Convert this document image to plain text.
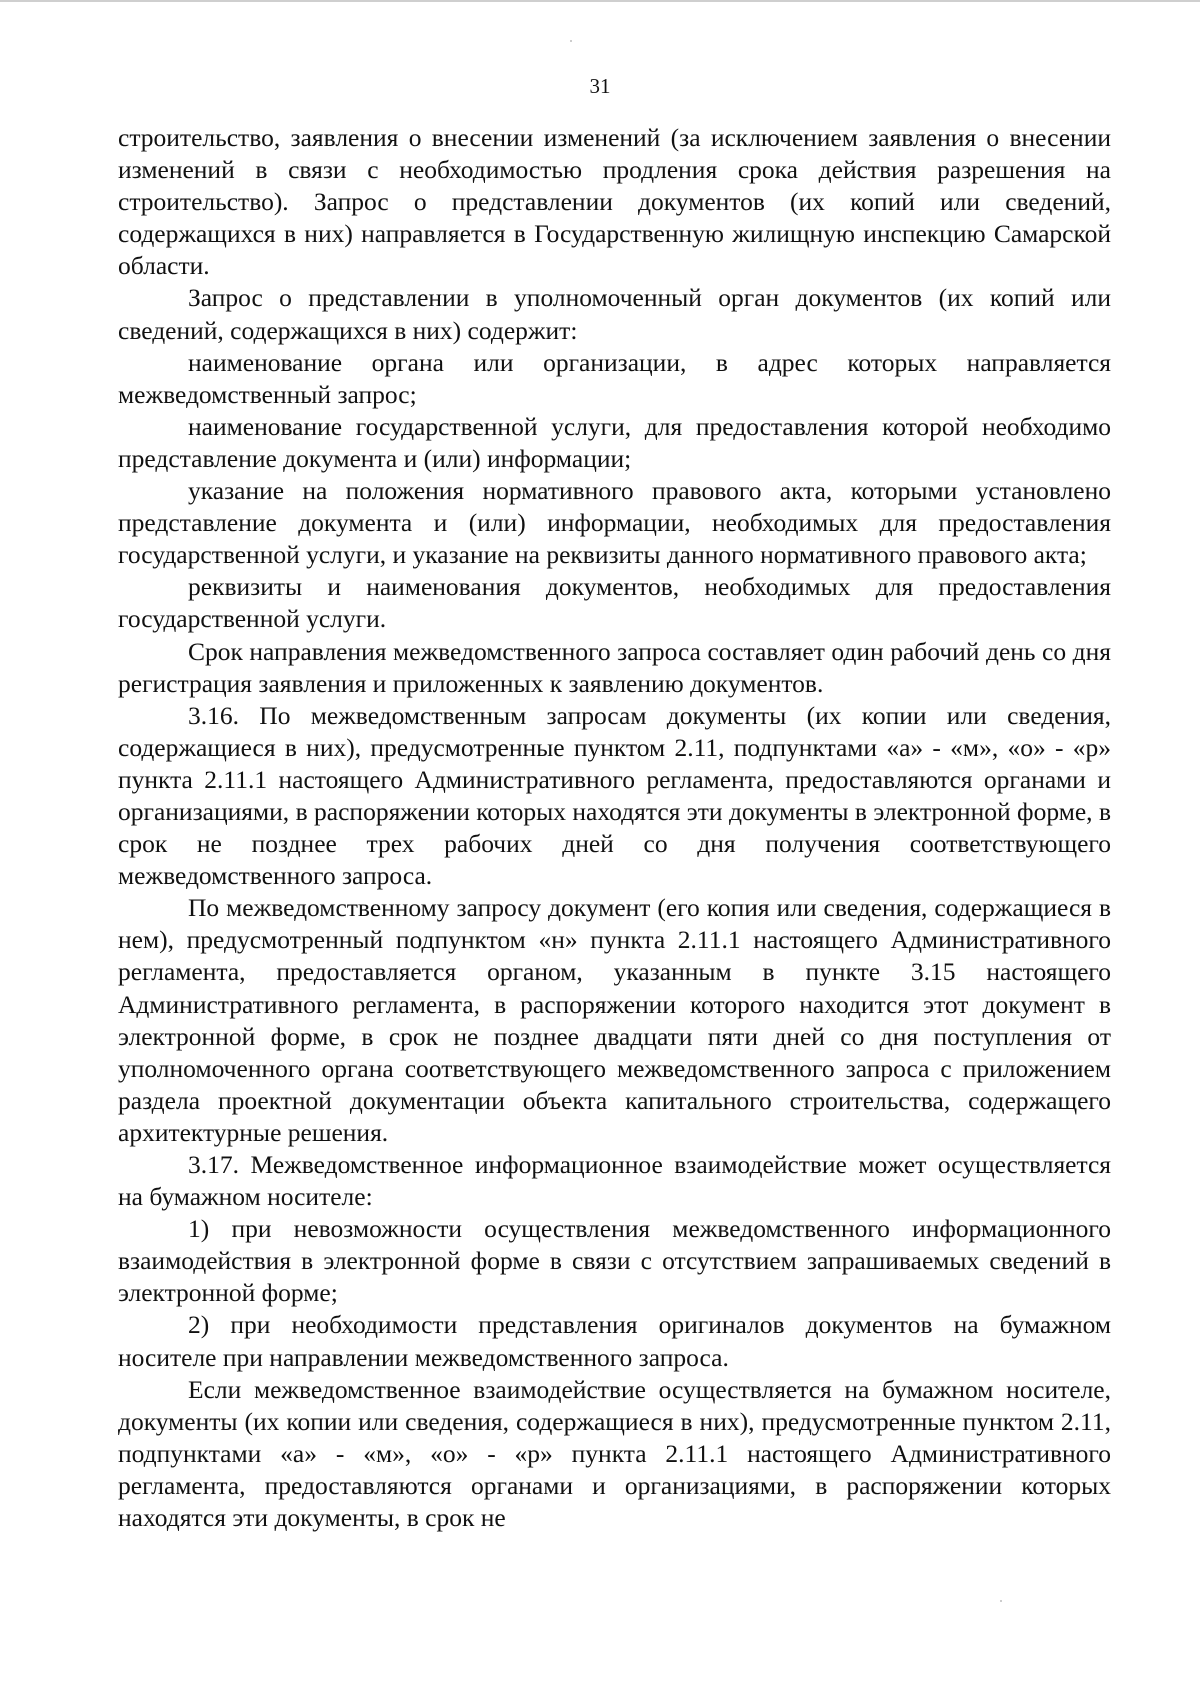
31

строительство, заявления о внесении изменений (за исключением заявления о внесении изменений в связи с необходимостью продления срока действия разрешения на строительство). Запрос о представлении документов (их копий или сведений, содержащихся в них) направляется в Государственную жилищную инспекцию Самарской области.

Запрос о представлении в уполномоченный орган документов (их копий или сведений, содержащихся в них) содержит:

наименование органа или организации, в адрес которых направляется межведомственный запрос;

наименование государственной услуги, для предоставления которой необходимо представление документа и (или) информации;

указание на положения нормативного правового акта, которыми установлено представление документа и (или) информации, необходимых для предоставления государственной услуги, и указание на реквизиты данного нормативного правового акта;

реквизиты и наименования документов, необходимых для предоставления государственной услуги.

Срок направления межведомственного запроса составляет один рабочий день со дня регистрация заявления и приложенных к заявлению документов.

3.16. По межведомственным запросам документы (их копии или сведения, содержащиеся в них), предусмотренные пунктом 2.11, подпунктами «а» - «м», «о» - «р» пункта 2.11.1 настоящего Административного регламента, предоставляются органами и организациями, в распоряжении которых находятся эти документы в электронной форме, в срок не позднее трех рабочих дней со дня получения соответствующего межведомственного запроса.

По межведомственному запросу документ (его копия или сведения, содержащиеся в нем), предусмотренный подпунктом «н» пункта 2.11.1 настоящего Административного регламента, предоставляется органом, указанным в пункте 3.15 настоящего Административного регламента, в распоряжении которого находится этот документ в электронной форме, в срок не позднее двадцати пяти дней со дня поступления от уполномоченного органа соответствующего межведомственного запроса с приложением раздела проектной документации объекта капитального строительства, содержащего архитектурные решения.

3.17. Межведомственное информационное взаимодействие может осуществляется на бумажном носителе:

1) при невозможности осуществления межведомственного информационного взаимодействия в электронной форме в связи с отсутствием запрашиваемых сведений в электронной форме;

2) при необходимости представления оригиналов документов на бумажном носителе при направлении межведомственного запроса.

Если межведомственное взаимодействие осуществляется на бумажном носителе, документы (их копии или сведения, содержащиеся в них), предусмотренные пунктом 2.11, подпунктами «а» - «м», «о» - «р» пункта 2.11.1 настоящего Административного регламента, предоставляются органами и организациями, в распоряжении которых находятся эти документы, в срок не
